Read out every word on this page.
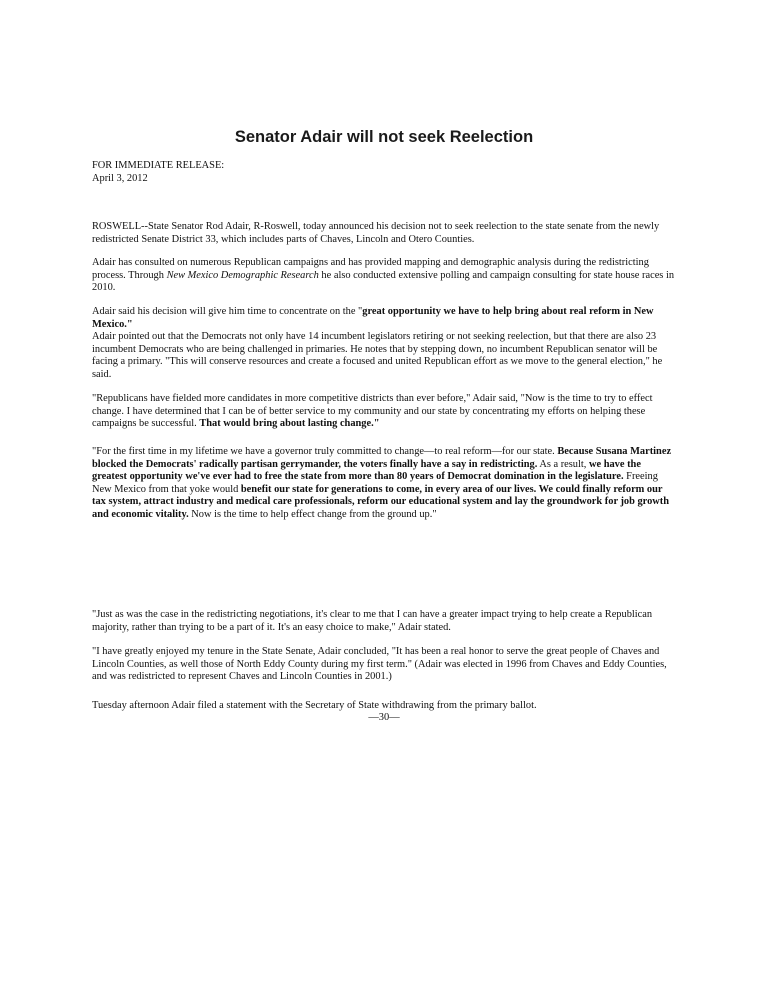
Senator Adair will not seek Reelection
FOR IMMEDIATE RELEASE:
April 3, 2012

ROSWELL--State Senator Rod Adair, R-Roswell, today announced his decision not to seek reelection to the state senate from the newly redistricted Senate District 33, which includes parts of Chaves, Lincoln and Otero Counties.

Adair has consulted on numerous Republican campaigns and has provided mapping and demographic analysis during the redistricting process. Through New Mexico Demographic Research he also conducted extensive polling and campaign consulting for state house races in 2010.

Adair said his decision will give him time to concentrate on the "great opportunity we have to help bring about real reform in New Mexico."
Adair pointed out that the Democrats not only have 14 incumbent legislators retiring or not seeking reelection, but that there are also 23 incumbent Democrats who are being challenged in primaries. He notes that by stepping down, no incumbent Republican senator will be facing a primary. "This will conserve resources and create a focused and united Republican effort as we move to the general election," he said.

"Republicans have fielded more candidates in more competitive districts than ever before," Adair said, "Now is the time to try to effect change. I have determined that I can be of better service to my community and our state by concentrating my efforts on helping these campaigns be successful. That would bring about lasting change."

"For the first time in my lifetime we have a governor truly committed to change—to real reform—for our state. Because Susana Martinez blocked the Democrats' radically partisan gerrymander, the voters finally have a say in redistricting. As a result, we have the greatest opportunity we've ever had to free the state from more than 80 years of Democrat domination in the legislature. Freeing New Mexico from that yoke would benefit our state for generations to come, in every area of our lives. We could finally reform our tax system, attract industry and medical care professionals, reform our educational system and lay the groundwork for job growth and economic vitality. Now is the time to help effect change from the ground up."

"Just as was the case in the redistricting negotiations, it's clear to me that I can have a greater impact trying to help create a Republican majority, rather than trying to be a part of it. It's an easy choice to make," Adair stated.

"I have greatly enjoyed my tenure in the State Senate, Adair concluded, "It has been a real honor to serve the great people of Chaves and Lincoln Counties, as well those of North Eddy County during my first term." (Adair was elected in 1996 from Chaves and Eddy Counties, and was redistricted to represent Chaves and Lincoln Counties in 2001.)

Tuesday afternoon Adair filed a statement with the Secretary of State withdrawing from the primary ballot.

—30—
